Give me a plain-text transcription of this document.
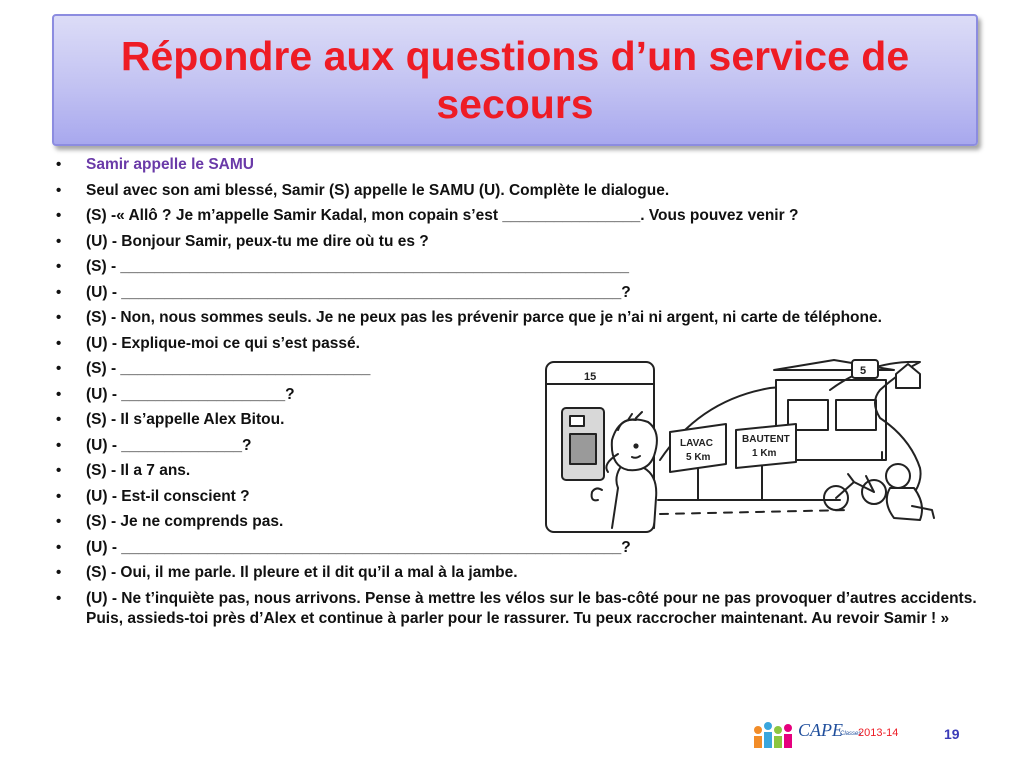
Répondre aux questions d’un service de secours
• Samir appelle le SAMU
• Seul avec son ami blessé, Samir (S) appelle le SAMU (U). Complète le dialogue.
• (S) -« Allô ? Je m’appelle Samir Kadal, mon copain s’est ________________. Vous pouvez venir ?
• (U) - Bonjour Samir, peux-tu me dire où tu es ?
• (S) - ___________________________________________________________
• (U) - __________________________________________________________?
• (S) - Non, nous sommes seuls. Je ne peux pas les prévenir parce que je n’ai ni argent, ni carte de téléphone.
• (U) - Explique-moi ce qui s’est passé.
• (S) - _____________________________
• (U) - ___________________?
• (S) - Il s’appelle Alex Bitou.
• (U) - ______________?
• (S) - Il a 7 ans.
• (U) - Est-il conscient ?
• (S) - Je ne comprends pas.
• (U) - __________________________________________________________?
• (S) - Oui, il me parle. Il pleure et il dit qu’il a mal à la jambe.
• (U) - Ne t’inquiète pas, nous arrivons. Pense à mettre les vélos sur le bas-côté pour ne pas provoquer d’autres accidents. Puis, assieds-toi près d’Alex et continue à parler pour le rassurer. Tu peux raccrocher maintenant. Au revoir Samir ! »
15
LAVAC
5 Km
BAUTENT
1 Km
5
CAPE
Classes
2013-14	19
